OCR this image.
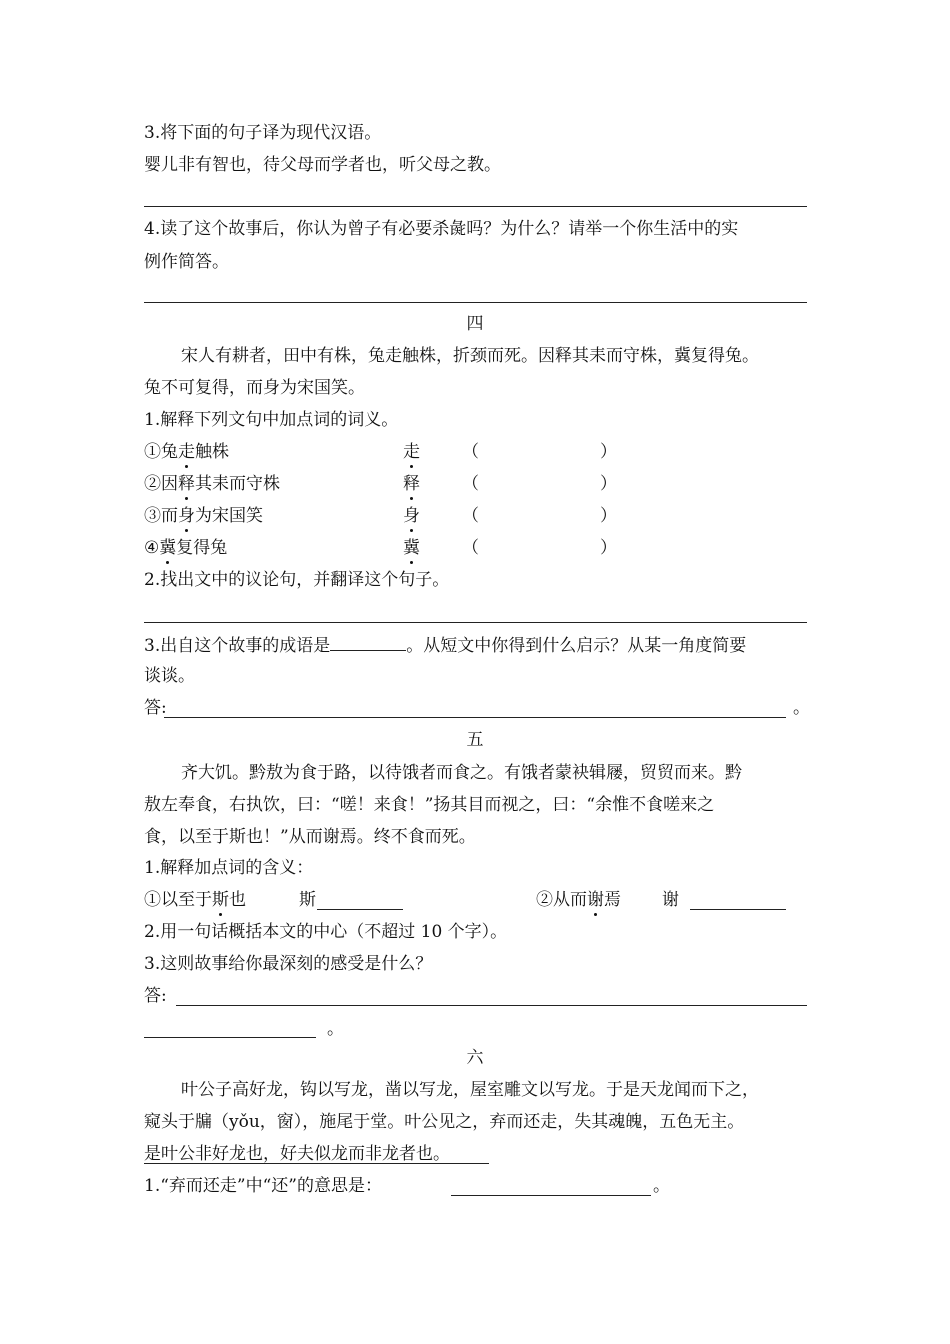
3.将下面的句子译为现代汉语。
婴儿非有智也，待父母而学者也，听父母之教。
4.读了这个故事后，你认为曾子有必要杀彘吗？为什么？请举一个你生活中的实
例作简答。
四
宋人有耕者，田中有株，兔走触株，折颈而死。因释其耒而守株，冀复得兔。
兔不可复得，而身为宋国笑。
1.解释下列文句中加点词的词义。
①兔走触株	走 （	）
②因释其耒而守株	释 （	）
③而身为宋国笑	身 （	）
④冀复得兔	冀 （	）
2.找出文中的议论句，并翻译这个句子。
3.出自这个故事的成语是	。从短文中你得到什么启示？从某一角度简要
谈谈。
答:	。
五
齐大饥。黔敖为食于路，以待饿者而食之。有饿者蒙袂辑屦，贸贸而来。黔
敖左奉食，右执饮，曰：“嗟！来食！”扬其目而视之，曰：“余惟不食嗟来之
食，以至于斯也！”从而谢焉。终不食而死。
1.解释加点词的含义：
①以至于斯也	斯	②从而谢焉 谢
2.用一句话概括本文的中心（不超过 10 个字）。
3.这则故事给你最深刻的感受是什么？
答:
。
六
叶公子高好龙，钩以写龙，凿以写龙，屋室雕文以写龙。于是天龙闻而下之，
窥头于牖（yǒu，窗），施尾于堂。叶公见之，弃而还走，失其魂魄，五色无主。
是叶公非好龙也，好夫似龙而非龙者也。
1.“弃而还走”中“还”的意思是：	。
